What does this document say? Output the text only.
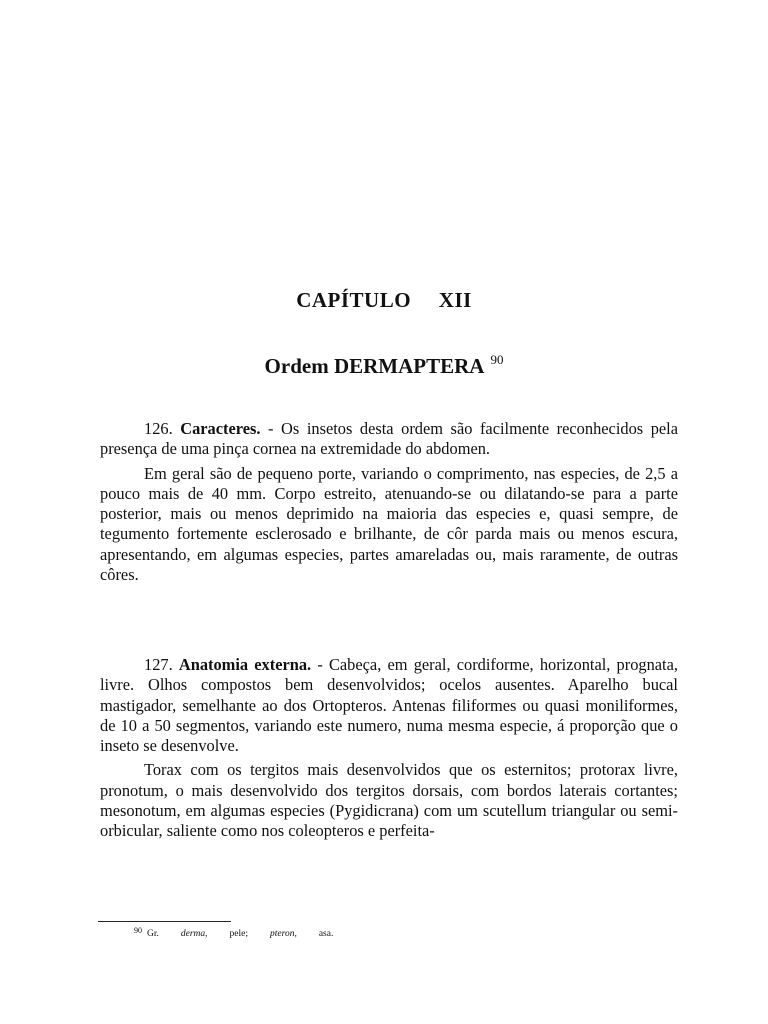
CAPÍTULO XII
Ordem DERMAPTERA $^{90}$

126. Caracteres. - Os insetos desta ordem são facilmente reconhecidos pela presença de uma pinça cornea na extremidade do abdomen.

Em geral são de pequeno porte, variando o comprimento, nas especies, de 2,5 a pouco mais de 40 mm. Corpo estreito, atenuando-se ou dilatando-se para a parte posterior, mais ou menos deprimido na maioria das especies e, quasi sempre, de tegumento fortemente esclerosado e brilhante, de côr parda mais ou menos escura, apresentando, em algumas especies, partes amareladas ou, mais raramente, de outras côres.

127. Anatomia externa. - Cabeça, em geral, cordiforme, horizontal, prognata, livre. Olhos compostos bem desenvolvidos; ocelos ausentes. Aparelho bucal mastigador, semelhante ao dos Ortopteros. Antenas filiformes ou quasi moniliformes, de 10 a 50 segmentos, variando este numero, numa mesma especie, á proporção que o inseto se desenvolve.

Torax com os tergitos mais desenvolvidos que os esternitos; protorax livre, pronotum, o mais desenvolvido dos tergitos dorsais, com bordos laterais cortantes; mesonotum, em algumas especies (Pygidicrana) com um scutellum triangular ou semi-orbicular, saliente como nos coleopteros e perfeita-

$^{90}$ Gr. derma, pele; pteron, asa.
